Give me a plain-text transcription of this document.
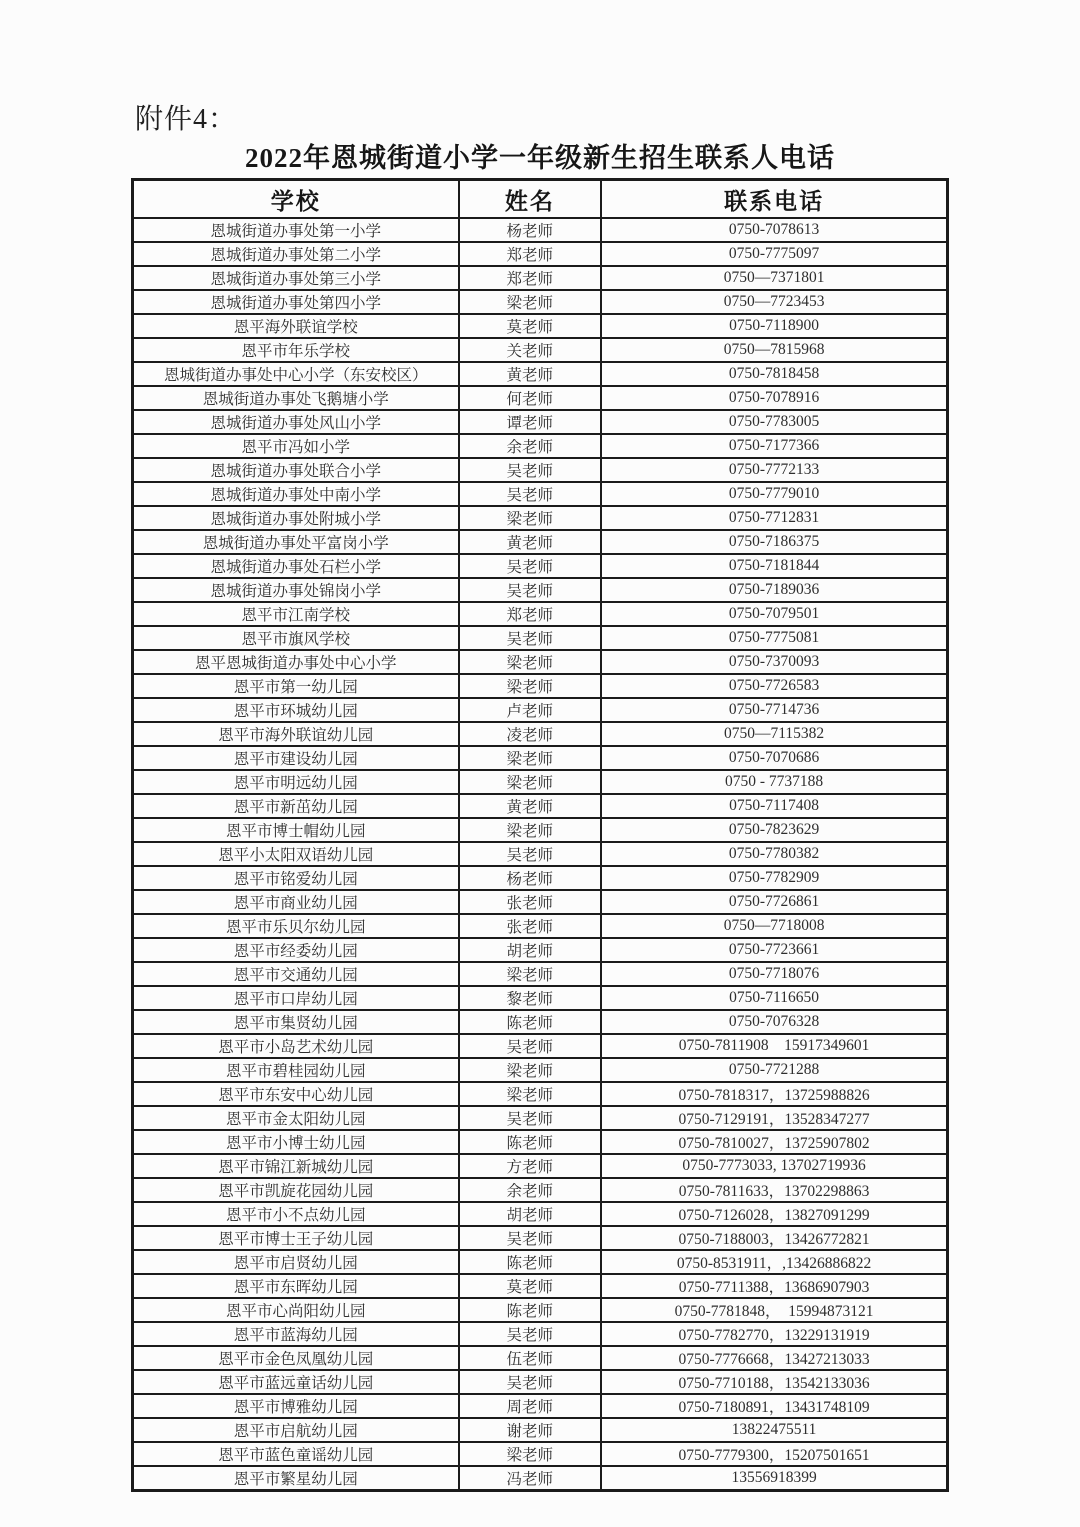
附件4：
2022年恩城街道小学一年级新生招生联系人电话
学校	姓名	联系电话
恩城街道办事处第一小学	杨老师	0750-7078613
恩城街道办事处第二小学	郑老师	0750-7775097
恩城街道办事处第三小学	郑老师	0750—7371801
恩城街道办事处第四小学	梁老师	0750—7723453
恩平海外联谊学校	莫老师	0750-7118900
恩平市年乐学校	关老师	0750—7815968
恩城街道办事处中心小学（东安校区）	黄老师	0750-7818458
恩城街道办事处飞鹅塘小学	何老师	0750-7078916
恩城街道办事处风山小学	谭老师	0750-7783005
恩平市冯如小学	余老师	0750-7177366
恩城街道办事处联合小学	吴老师	0750-7772133
恩城街道办事处中南小学	吴老师	0750-7779010
恩城街道办事处附城小学	梁老师	0750-7712831
恩城街道办事处平富岗小学	黄老师	0750-7186375
恩城街道办事处石栏小学	吴老师	0750-7181844
恩城街道办事处锦岗小学	吴老师	0750-7189036
恩平市江南学校	郑老师	0750-7079501
恩平市旗风学校	吴老师	0750-7775081
恩平恩城街道办事处中心小学	梁老师	0750-7370093
恩平市第一幼儿园	梁老师	0750-7726583
恩平市环城幼儿园	卢老师	0750-7714736
恩平市海外联谊幼儿园	凌老师	0750—7115382
恩平市建设幼儿园	梁老师	0750-7070686
恩平市明远幼儿园	梁老师	0750 - 7737188
恩平市新茁幼儿园	黄老师	0750-7117408
恩平市博士帽幼儿园	梁老师	0750-7823629
恩平小太阳双语幼儿园	吴老师	0750-7780382
恩平市铭爱幼儿园	杨老师	0750-7782909
恩平市商业幼儿园	张老师	0750-7726861
恩平市乐贝尔幼儿园	张老师	0750—7718008
恩平市经委幼儿园	胡老师	0750-7723661
恩平市交通幼儿园	梁老师	0750-7718076
恩平市口岸幼儿园	黎老师	0750-7116650
恩平市集贤幼儿园	陈老师	0750-7076328
恩平市小岛艺术幼儿园	吴老师	0750-7811908    15917349601
恩平市碧桂园幼儿园	梁老师	0750-7721288
恩平市东安中心幼儿园	梁老师	0750-7818317，13725988826
恩平市金太阳幼儿园	吴老师	0750-7129191，13528347277
恩平市小博士幼儿园	陈老师	0750-7810027，13725907802
恩平市锦江新城幼儿园	方老师	0750-7773033, 13702719936
恩平市凯旋花园幼儿园	余老师	0750-7811633，13702298863
恩平市小不点幼儿园	胡老师	0750-7126028，13827091299
恩平市博士王子幼儿园	吴老师	0750-7188003，13426772821
恩平市启贤幼儿园	陈老师	0750-8531911，,13426886822
恩平市东晖幼儿园	莫老师	0750-7711388，13686907903
恩平市心尚阳幼儿园	陈老师	0750-7781848，  15994873121
恩平市蓝海幼儿园	吴老师	0750-7782770，13229131919
恩平市金色凤凰幼儿园	伍老师	0750-7776668，13427213033
恩平市蓝远童话幼儿园	吴老师	0750-7710188，13542133036
恩平市博雅幼儿园	周老师	0750-7180891，13431748109
恩平市启航幼儿园	谢老师	13822475511
恩平市蓝色童谣幼儿园	梁老师	0750-7779300，15207501651
恩平市繁星幼儿园	冯老师	13556918399
